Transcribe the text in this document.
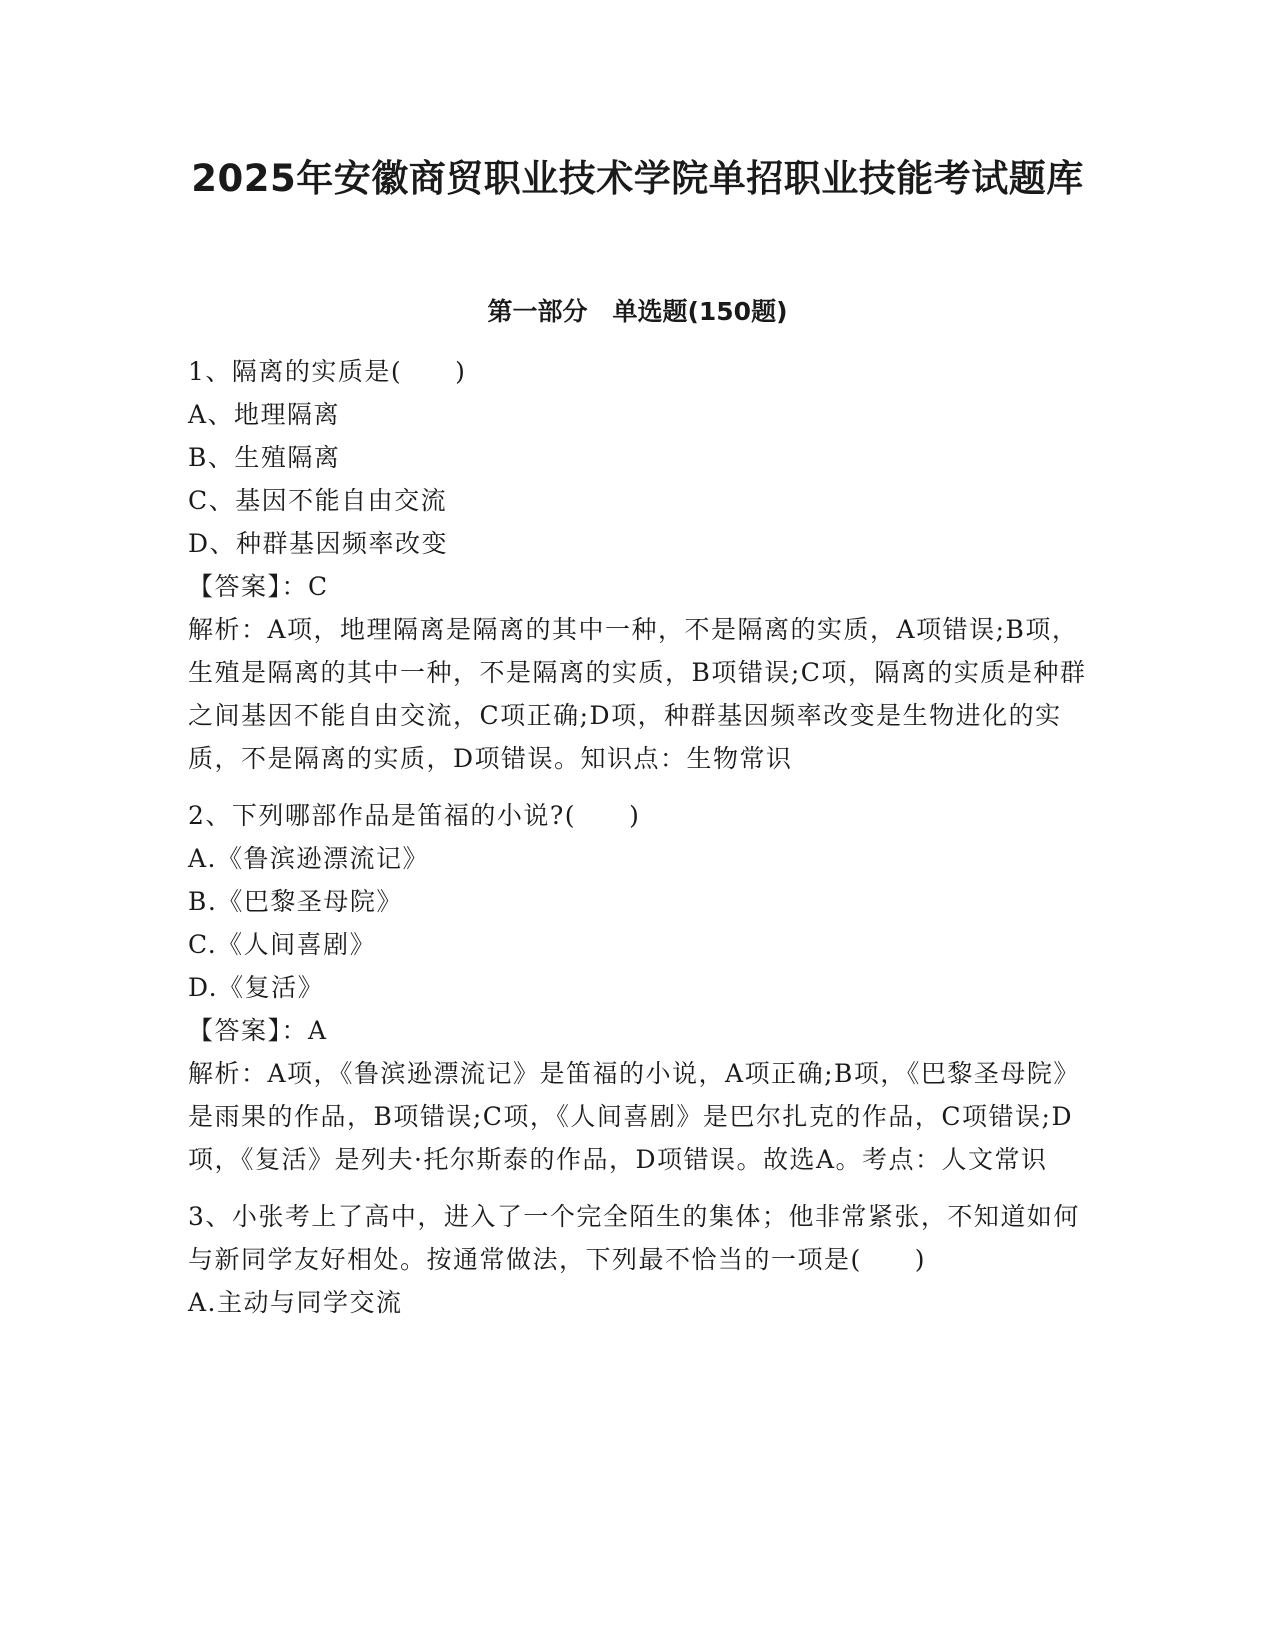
2025年安徽商贸职业技术学院单招职业技能考试题库
第一部分　单选题(150题)

1、隔离的实质是(　　)

A、地理隔离

B、生殖隔离

C、基因不能自由交流

D、种群基因频率改变

【答案】：C

解析：A项，地理隔离是隔离的其中一种，不是隔离的实质，A项错误;B项，生殖是隔离的其中一种，不是隔离的实质，B项错误;C项，隔离的实质是种群之间基因不能自由交流，C项正确;D项，种群基因频率改变是生物进化的实质，不是隔离的实质，D项错误。知识点：生物常识

2、下列哪部作品是笛福的小说?(　　)

A.《鲁滨逊漂流记》

B.《巴黎圣母院》

C.《人间喜剧》

D.《复活》

【答案】：A

解析：A项，《鲁滨逊漂流记》是笛福的小说，A项正确;B项，《巴黎圣母院》是雨果的作品，B项错误;C项，《人间喜剧》是巴尔扎克的作品，C项错误;D项，《复活》是列夫·托尔斯泰的作品，D项错误。故选A。考点：人文常识

3、小张考上了高中，进入了一个完全陌生的集体；他非常紧张，不知道如何与新同学友好相处。按通常做法，下列最不恰当的一项是(　　)

A.主动与同学交流
